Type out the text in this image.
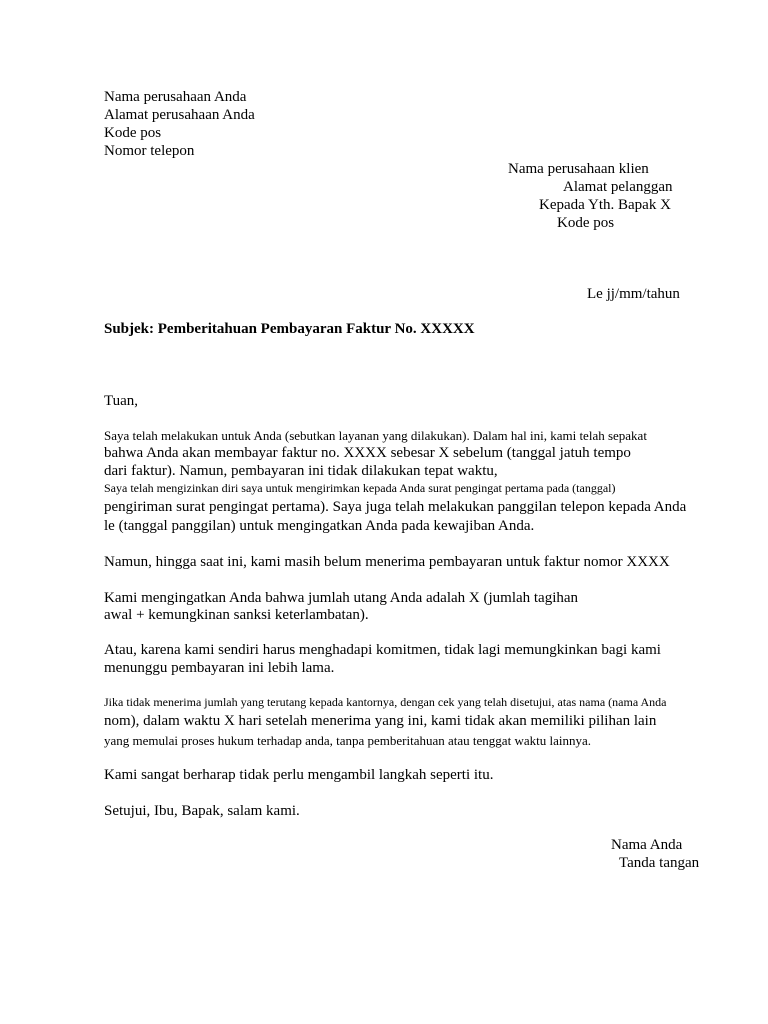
Nama perusahaan Anda
Alamat perusahaan Anda
Kode pos
Nomor telepon
Nama perusahaan klien
Alamat pelanggan
Kepada Yth. Bapak X
Kode pos
Le jj/mm/tahun
Subjek: Pemberitahuan Pembayaran Faktur No. XXXXX
Tuan,
Saya telah melakukan untuk Anda (sebutkan layanan yang dilakukan). Dalam hal ini, kami telah sepakat
bahwa Anda akan membayar faktur no. XXXX sebesar X sebelum (tanggal jatuh tempo
dari faktur). Namun, pembayaran ini tidak dilakukan tepat waktu,
Saya telah mengizinkan diri saya untuk mengirimkan kepada Anda surat pengingat pertama pada (tanggal)
pengiriman surat pengingat pertama). Saya juga telah melakukan panggilan telepon kepada Anda
le (tanggal panggilan) untuk mengingatkan Anda pada kewajiban Anda.
Namun, hingga saat ini, kami masih belum menerima pembayaran untuk faktur nomor XXXX
Kami mengingatkan Anda bahwa jumlah utang Anda adalah X (jumlah tagihan
awal + kemungkinan sanksi keterlambatan).
Atau, karena kami sendiri harus menghadapi komitmen, tidak lagi memungkinkan bagi kami
menunggu pembayaran ini lebih lama.
Jika tidak menerima jumlah yang terutang kepada kantornya, dengan cek yang telah disetujui, atas nama (nama Anda
nom), dalam waktu X hari setelah menerima yang ini, kami tidak akan memiliki pilihan lain
yang memulai proses hukum terhadap anda, tanpa pemberitahuan atau tenggat waktu lainnya.
Kami sangat berharap tidak perlu mengambil langkah seperti itu.
Setujui, Ibu, Bapak, salam kami.
Nama Anda
Tanda tangan
